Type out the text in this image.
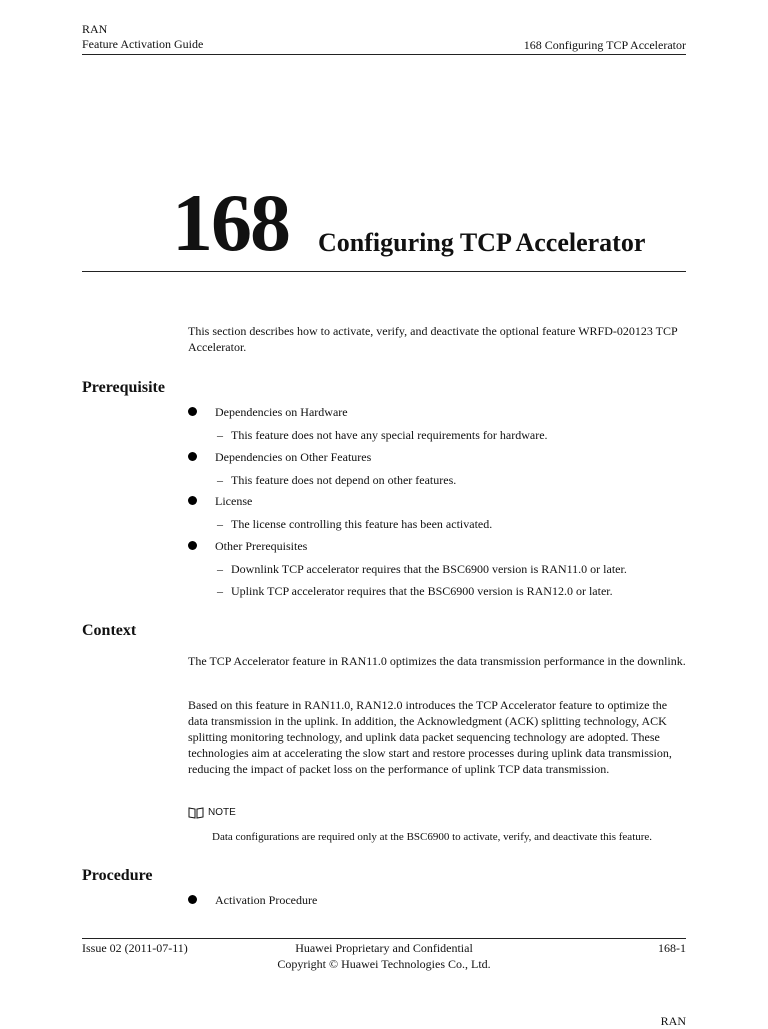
RAN
Feature Activation Guide	168 Configuring TCP Accelerator
168 Configuring TCP Accelerator
This section describes how to activate, verify, and deactivate the optional feature WRFD-020123 TCP Accelerator.
Prerequisite
Dependencies on Hardware
– This feature does not have any special requirements for hardware.
Dependencies on Other Features
– This feature does not depend on other features.
License
– The license controlling this feature has been activated.
Other Prerequisites
– Downlink TCP accelerator requires that the BSC6900 version is RAN11.0 or later.
– Uplink TCP accelerator requires that the BSC6900 version is RAN12.0 or later.
Context
The TCP Accelerator feature in RAN11.0 optimizes the data transmission performance in the downlink.
Based on this feature in RAN11.0, RAN12.0 introduces the TCP Accelerator feature to optimize the data transmission in the uplink. In addition, the Acknowledgment (ACK) splitting technology, ACK splitting monitoring technology, and uplink data packet sequencing technology are adopted. These technologies aim at accelerating the slow start and restore processes during uplink data transmission, reducing the impact of packet loss on the performance of uplink TCP data transmission.
NOTE
Data configurations are required only at the BSC6900 to activate, verify, and deactivate this feature.
Procedure
Activation Procedure
Issue 02 (2011-07-11)	Huawei Proprietary and Confidential
Copyright © Huawei Technologies Co., Ltd.
168-1
RAN
